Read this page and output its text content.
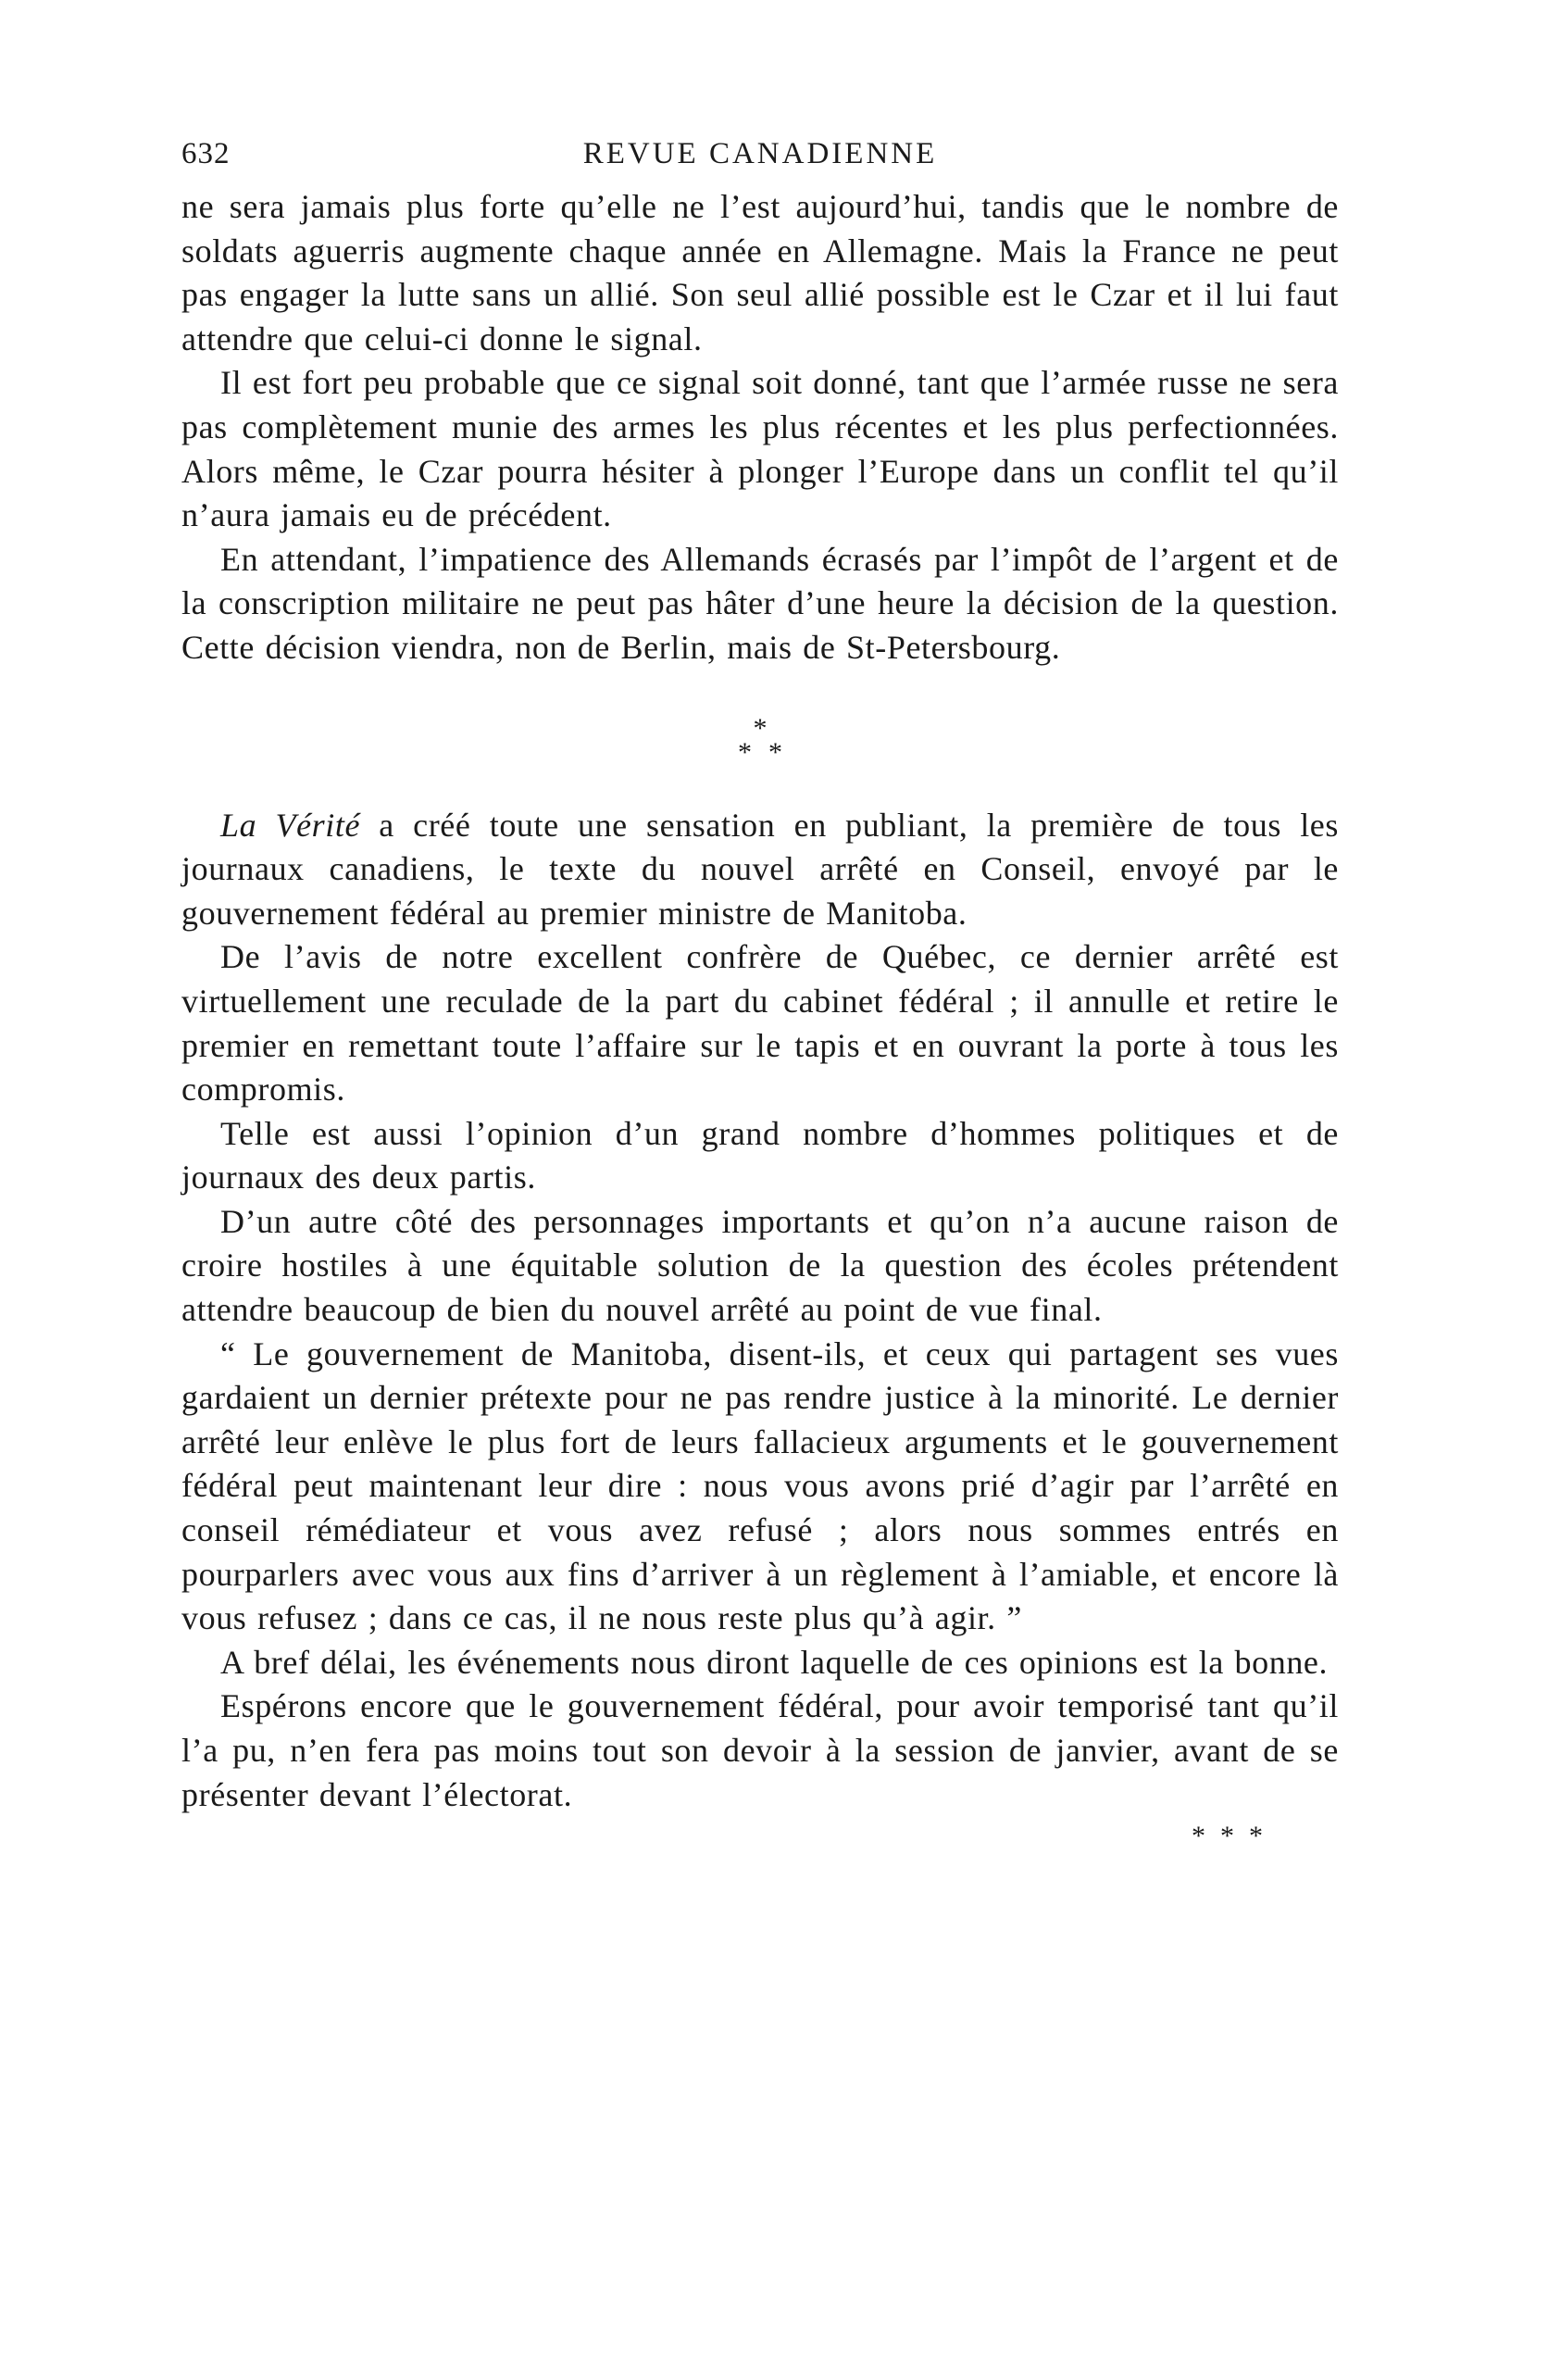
632	REVUE CANADIENNE

ne sera jamais plus forte qu’elle ne l’est aujourd’hui, tandis que le nombre de soldats aguerris augmente chaque année en Allemagne. Mais la France ne peut pas engager la lutte sans un allié. Son seul allié possible est le Czar et il lui faut attendre que celui-ci donne le signal.

Il est fort peu probable que ce signal soit donné, tant que l’armée russe ne sera pas complètement munie des armes les plus récentes et les plus perfectionnées. Alors même, le Czar pourra hésiter à plonger l’Europe dans un conflit tel qu’il n’aura jamais eu de précédent.

En attendant, l’impatience des Allemands écrasés par l’impôt de l’argent et de la conscription militaire ne peut pas hâter d’une heure la décision de la question. Cette décision viendra, non de Berlin, mais de St-Petersbourg.

*
**

La Vérité a créé toute une sensation en publiant, la première de tous les journaux canadiens, le texte du nouvel arrêté en Conseil, envoyé par le gouvernement fédéral au premier ministre de Manitoba.

De l’avis de notre excellent confrère de Québec, ce dernier arrêté est virtuellement une reculade de la part du cabinet fédéral ; il annulle et retire le premier en remettant toute l’affaire sur le tapis et en ouvrant la porte à tous les compromis.

Telle est aussi l’opinion d’un grand nombre d’hommes politiques et de journaux des deux partis.

D’un autre côté des personnages importants et qu’on n’a aucune raison de croire hostiles à une équitable solution de la question des écoles prétendent attendre beaucoup de bien du nouvel arrêté au point de vue final.

“ Le gouvernement de Manitoba, disent-ils, et ceux qui partagent ses vues gardaient un dernier prétexte pour ne pas rendre justice à la minorité. Le dernier arrêté leur enlève le plus fort de leurs fallacieux arguments et le gouvernement fédéral peut maintenant leur dire : nous vous avons prié d’agir par l’arrêté en conseil rémédiateur et vous avez refusé ; alors nous sommes entrés en pourparlers avec vous aux fins d’arriver à un règlement à l’amiable, et encore là vous refusez ; dans ce cas, il ne nous reste plus qu’à agir. ”

A bref délai, les événements nous diront laquelle de ces opinions est la bonne.

Espérons encore que le gouvernement fédéral, pour avoir temporisé tant qu’il l’a pu, n’en fera pas moins tout son devoir à la session de janvier, avant de se présenter devant l’électorat.

***
